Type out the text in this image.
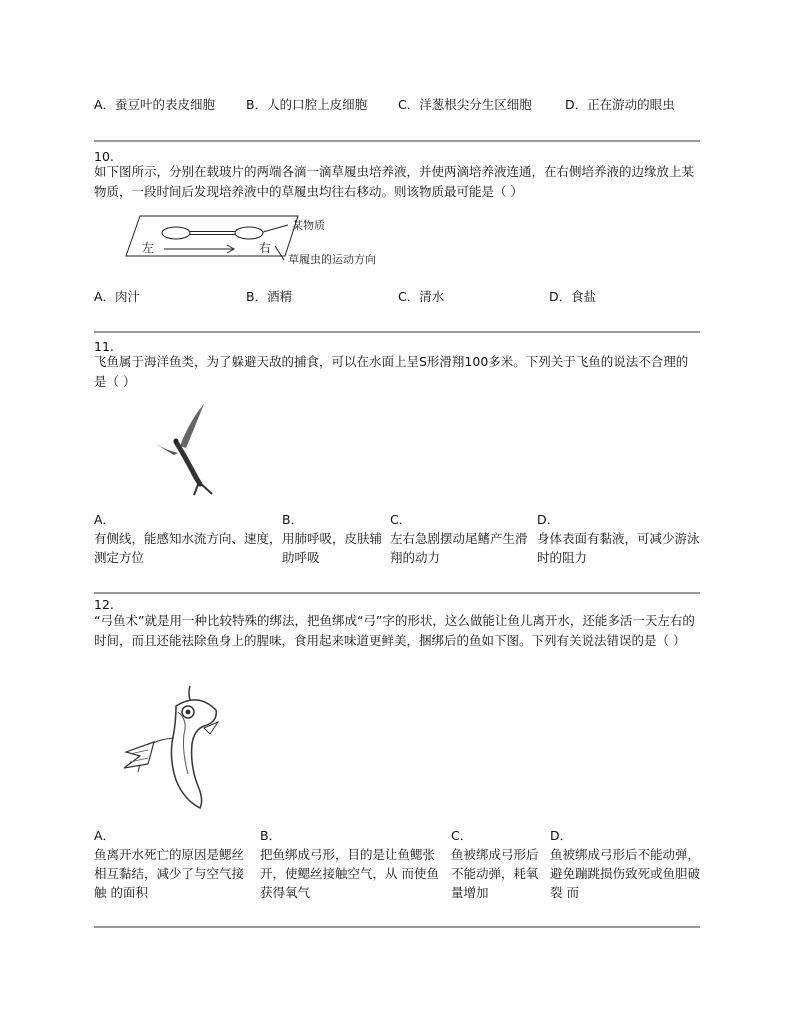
A．蚕豆叶的表皮细胞 B．人的口腔上皮细胞 C．洋葱根尖分生区细胞	D．正在游动的眼虫
10.
如下图所示，分别在载玻片的两端各滴一滴草履虫培养液，并使两滴培养液连通，在右侧培养液的边缘放上某物质，一段时间后发现培养液中的草履虫均往右移动。则该物质最可能是（ ）
左	右
某物质
草履虫的运动方向
A．肉汁	B．酒精	C．清水	D．食盐
11.
飞鱼属于海洋鱼类，为了躲避天敌的捕食，可以在水面上呈S形滑翔100多米。下列关于飞鱼的说法不合理的是（ ）
A．
有侧线，能感知水流方向、速度，测定方位
B．
用肺呼吸，皮肤辅助呼吸
C．
左右急剧摆动尾鳍产生滑翔的动力
D．
身体表面有黏液，可减少游泳时的阻力
12.
“弓鱼术”就是用一种比较特殊的绑法，把鱼绑成“弓”字的形状，这么做能让鱼儿离开水，还能多活一天左右的时间，而且还能祛除鱼身上的腥味，食用起来味道更鲜美，捆绑后的鱼如下图。下列有关说法错误的是（ ）
A．
鱼离开水死亡的原因是鳃丝相互黏结，减少了与空气接触 的面积
B．
把鱼绑成弓形，目的是让鱼鳃张开，使鳃丝接触空气，从 而使鱼获得氧气
C．
鱼被绑成弓形后不能动弹，耗氧量增加
D．
鱼被绑成弓形后不能动弹，避免蹦跳损伤致死或鱼胆破裂 而
